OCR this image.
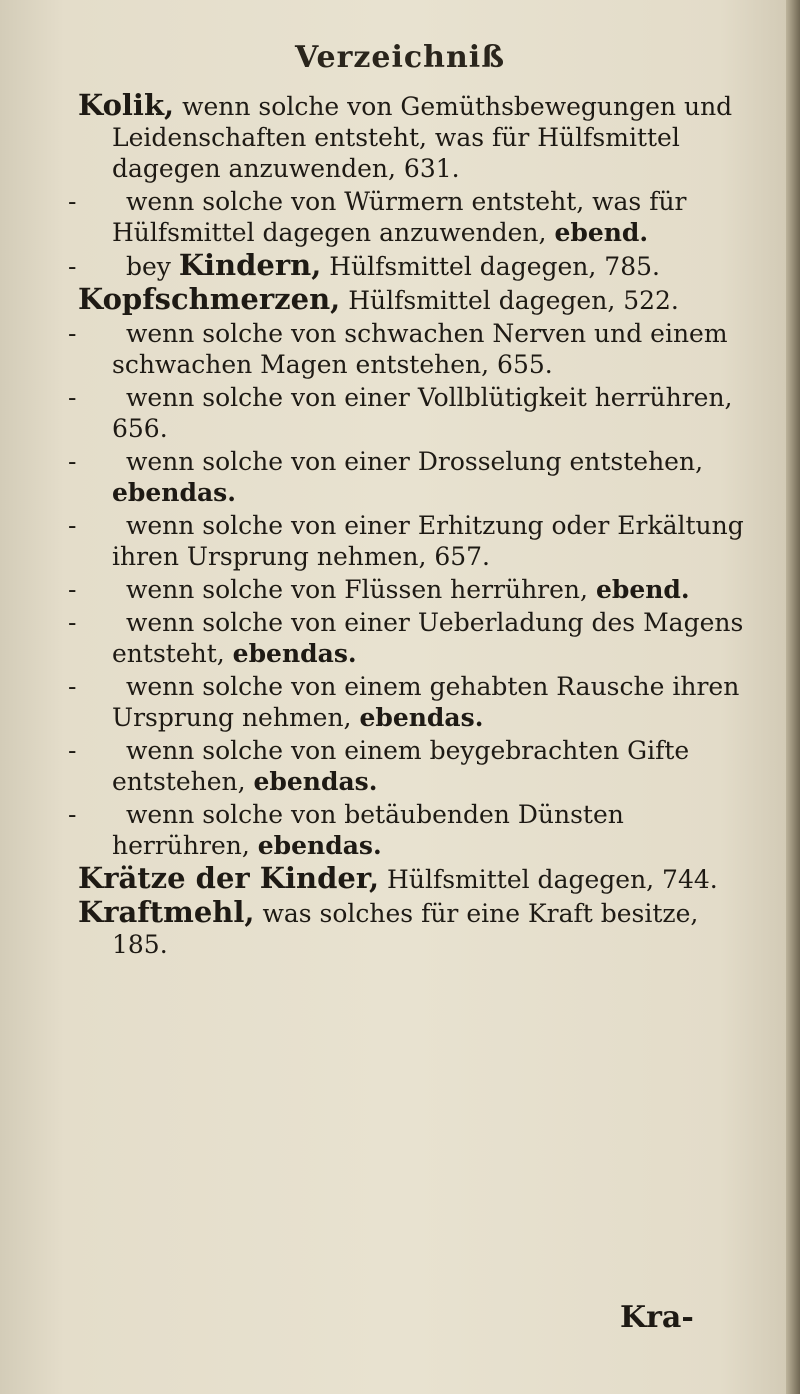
Verzeichniß

Kolik, wenn solche von Gemüthsbewegungen und Leidenschaften entsteht, was für Hülfsmittel dagegen anzuwenden, 631.

- wenn solche von Würmern entsteht, was für Hülfsmittel dagegen anzuwenden, ebend.

- bey Kindern, Hülfsmittel dagegen, 785.

Kopfschmerzen, Hülfsmittel dagegen, 522.

- wenn solche von schwachen Nerven und einem schwachen Magen entstehen, 655.

- wenn solche von einer Vollblütigkeit herrühren, 656.

- wenn solche von einer Drosselung entstehen, ebendas.

- wenn solche von einer Erhitzung oder Erkältung ihren Ursprung nehmen, 657.

- wenn solche von Flüssen herrühren, ebend.

- wenn solche von einer Ueberladung des Magens entsteht, ebendas.

- wenn solche von einem gehabten Rausche ihren Ursprung nehmen, ebendas.

- wenn solche von einem beygebrachten Gifte entstehen, ebendas.

- wenn solche von betäubenden Dünsten herrühren, ebendas.

Krätze der Kinder, Hülfsmittel dagegen, 744.

Kraftmehl, was solches für eine Kraft besitze, 185.

Kra-
